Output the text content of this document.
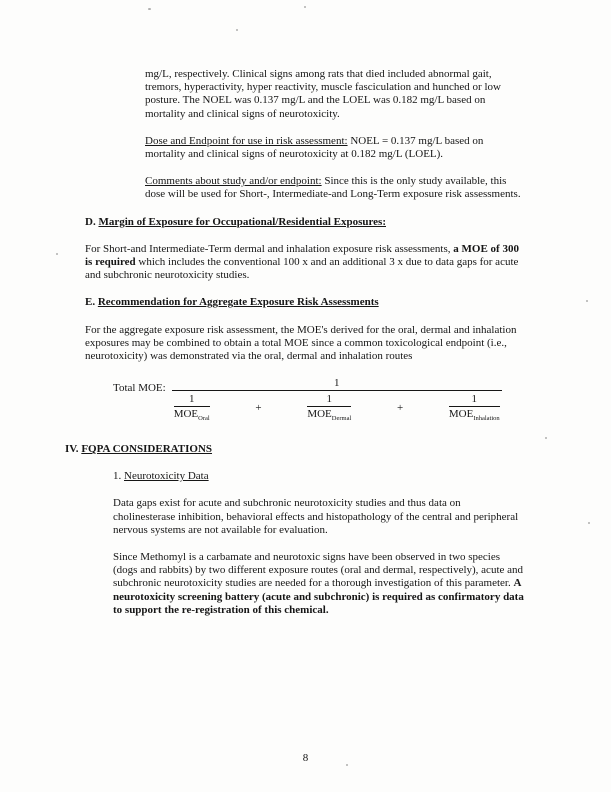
mg/L, respectively. Clinical signs among rats that died included abnormal gait, tremors, hyperactivity, hyper reactivity, muscle fasciculation and hunched or low posture. The NOEL was 0.137 mg/L and the LOEL was 0.182 mg/L based on mortality and clinical signs of neurotoxicity.

Dose and Endpoint for use in risk assessment: NOEL = 0.137 mg/L based on mortality and clinical signs of neurotoxicity at 0.182 mg/L (LOEL).

Comments about study and/or endpoint: Since this is the only study available, this dose will be used for Short-, Intermediate-and Long-Term exposure risk assessments.

D. Margin of Exposure for Occupational/Residential Exposures:

For Short-and Intermediate-Term dermal and inhalation exposure risk assessments, a MOE of 300 is required which includes the conventional 100 x and an additional 3 x due to data gaps for acute and subchronic neurotoxicity studies.

E. Recommendation for Aggregate Exposure Risk Assessments

For the aggregate exposure risk assessment, the MOE's derived for the oral, dermal and inhalation exposures may be combined to obtain a total MOE since a common toxicological endpoint (i.e., neurotoxicity) was demonstrated via the oral, dermal and inhalation routes

Total MOE:	1
$\frac{1}{MOE_{Oral}}$	+	$\frac{1}{MOE_{Dermal}}$	+	$\frac{1}{MOE_{Inhalation}}$

IV. FQPA CONSIDERATIONS

1. Neurotoxicity Data

Data gaps exist for acute and subchronic neurotoxicity studies and thus data on cholinesterase inhibition, behavioral effects and histopathology of the central and peripheral nervous systems are not available for evaluation.

Since Methomyl is a carbamate and neurotoxic signs have been observed in two species (dogs and rabbits) by two different exposure routes (oral and dermal, respectively), acute and subchronic neurotoxicity studies are needed for a thorough investigation of this parameter. A neurotoxicity screening battery (acute and subchronic) is required as confirmatory data to support the re-registration of this chemical.

8
